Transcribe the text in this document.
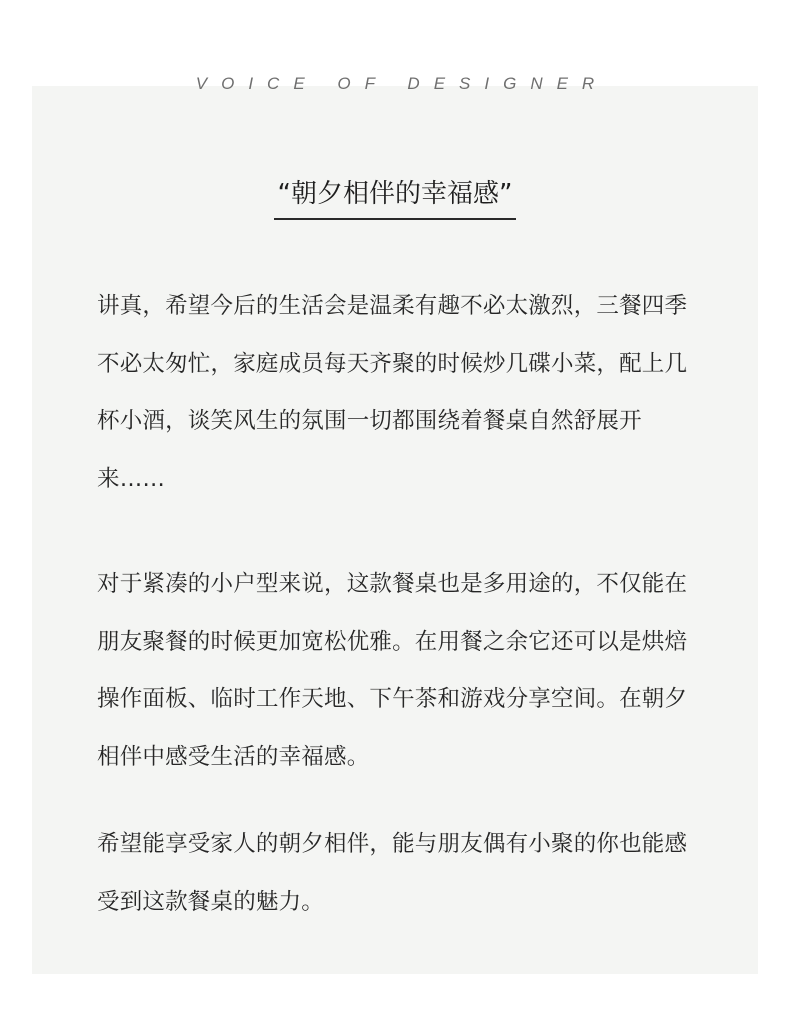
VOICE OF DESIGNER
“朝夕相伴的幸福感”

讲真，希望今后的生活会是温柔有趣不必太激烈，三餐四季不必太匆忙，家庭成员每天齐聚的时候炒几碟小菜，配上几杯小酒，谈笑风生的氛围一切都围绕着餐桌自然舒展开来……

对于紧凑的小户型来说，这款餐桌也是多用途的，不仅能在朋友聚餐的时候更加宽松优雅。在用餐之余它还可以是烘焙操作面板、临时工作天地、下午茶和游戏分享空间。在朝夕相伴中感受生活的幸福感。

希望能享受家人的朝夕相伴，能与朋友偶有小聚的你也能感受到这款餐桌的魅力。
